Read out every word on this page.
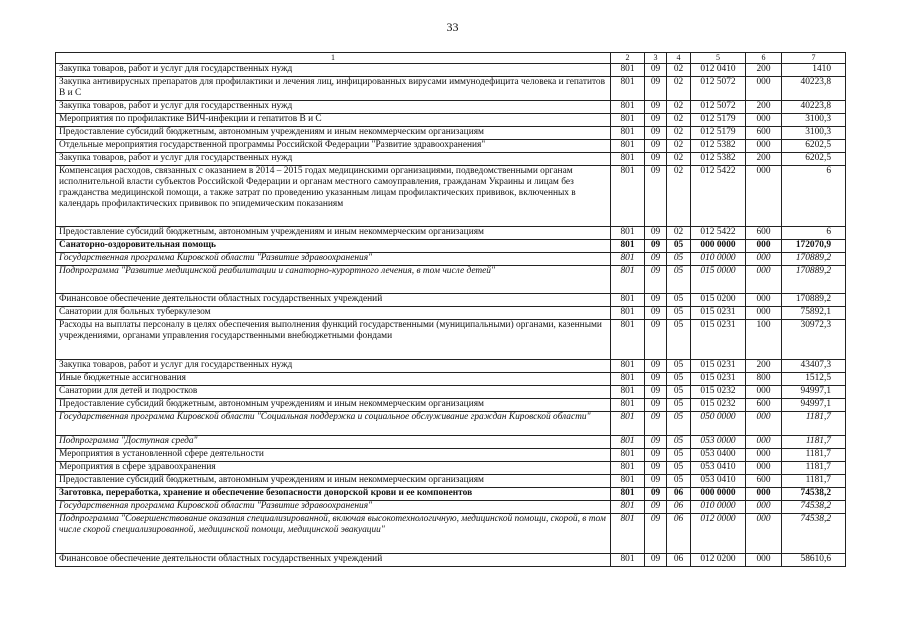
33
1	2	3	4	5	6	7
Закупка товаров, работ и услуг для государственных нужд	801	09	02	012 0410	200	1410
Закупка антивирусных препаратов для профилактики и лечения лиц, инфицированных вирусами иммунодефицита человека и гепатитов В и С	801	09	02	012 5072	000	40223,8
Закупка товаров, работ и услуг для государственных нужд	801	09	02	012 5072	200	40223,8
Мероприятия по профилактике ВИЧ-инфекции и гепатитов В и С	801	09	02	012 5179	000	3100,3
Предоставление субсидий бюджетным, автономным учреждениям и иным некоммерческим организациям	801	09	02	012 5179	600	3100,3
Отдельные мероприятия государственной программы Российской Федерации "Развитие здравоохранения"	801	09	02	012 5382	000	6202,5
Закупка товаров, работ и услуг для государственных нужд	801	09	02	012 5382	200	6202,5
Компенсация расходов, связанных с оказанием в 2014 – 2015 годах медицинскими организациями, подведомственными органам исполнительной власти субъектов Российской Федерации и органам местного самоуправления, гражданам Украины и лицам без гражданства медицинской помощи, а также затрат по проведению указанным лицам профилактических прививок, включенных в календарь профилактических прививок по эпидемическим показаниям	801	09	02	012 5422	000	6
Предоставление субсидий бюджетным, автономным учреждениям и иным некоммерческим организациям	801	09	02	012 5422	600	6
Санаторно-оздоровительная помощь	801	09	05	000 0000	000	172070,9
Государственная программа Кировской области "Развитие здравоохранения"	801	09	05	010 0000	000	170889,2
Подпрограмма "Развитие медицинской реабилитации и санаторно-курортного лечения, в том числе детей"	801	09	05	015 0000	000	170889,2
Финансовое обеспечение деятельности областных государственных учреждений	801	09	05	015 0200	000	170889,2
Санатории для больных туберкулезом	801	09	05	015 0231	000	75892,1
Расходы на выплаты персоналу в целях обеспечения выполнения функций государственными (муниципальными) органами, казенными учреждениями, органами управления государственными внебюджетными фондами	801	09	05	015 0231	100	30972,3
Закупка товаров, работ и услуг для государственных нужд	801	09	05	015 0231	200	43407,3
Иные бюджетные ассигнования	801	09	05	015 0231	800	1512,5
Санатории для детей и подростков	801	09	05	015 0232	000	94997,1
Предоставление субсидий бюджетным, автономным учреждениям и иным некоммерческим организациям	801	09	05	015 0232	600	94997,1
Государственная программа Кировской области "Социальная поддержка и социальное обслуживание граждан Кировской области"	801	09	05	050 0000	000	1181,7
Подпрограмма "Доступная среда"	801	09	05	053 0000	000	1181,7
Мероприятия в установленной сфере деятельности	801	09	05	053 0400	000	1181,7
Мероприятия в сфере здравоохранения	801	09	05	053 0410	000	1181,7
Предоставление субсидий бюджетным, автономным учреждениям и иным некоммерческим организациям	801	09	05	053 0410	600	1181,7
Заготовка, переработка, хранение и обеспечение безопасности донорской крови и ее компонентов	801	09	06	000 0000	000	74538,2
Государственная программа Кировской области "Развитие здравоохранения"	801	09	06	010 0000	000	74538,2
Подпрограмма "Совершенствование оказания специализированной, включая высокотехнологичную, медицинской помощи, скорой, в том числе скорой специализированной, медицинской помощи, медицинской эвакуации"	801	09	06	012 0000	000	74538,2
Финансовое обеспечение деятельности областных государственных учреждений	801	09	06	012 0200	000	58610,6
